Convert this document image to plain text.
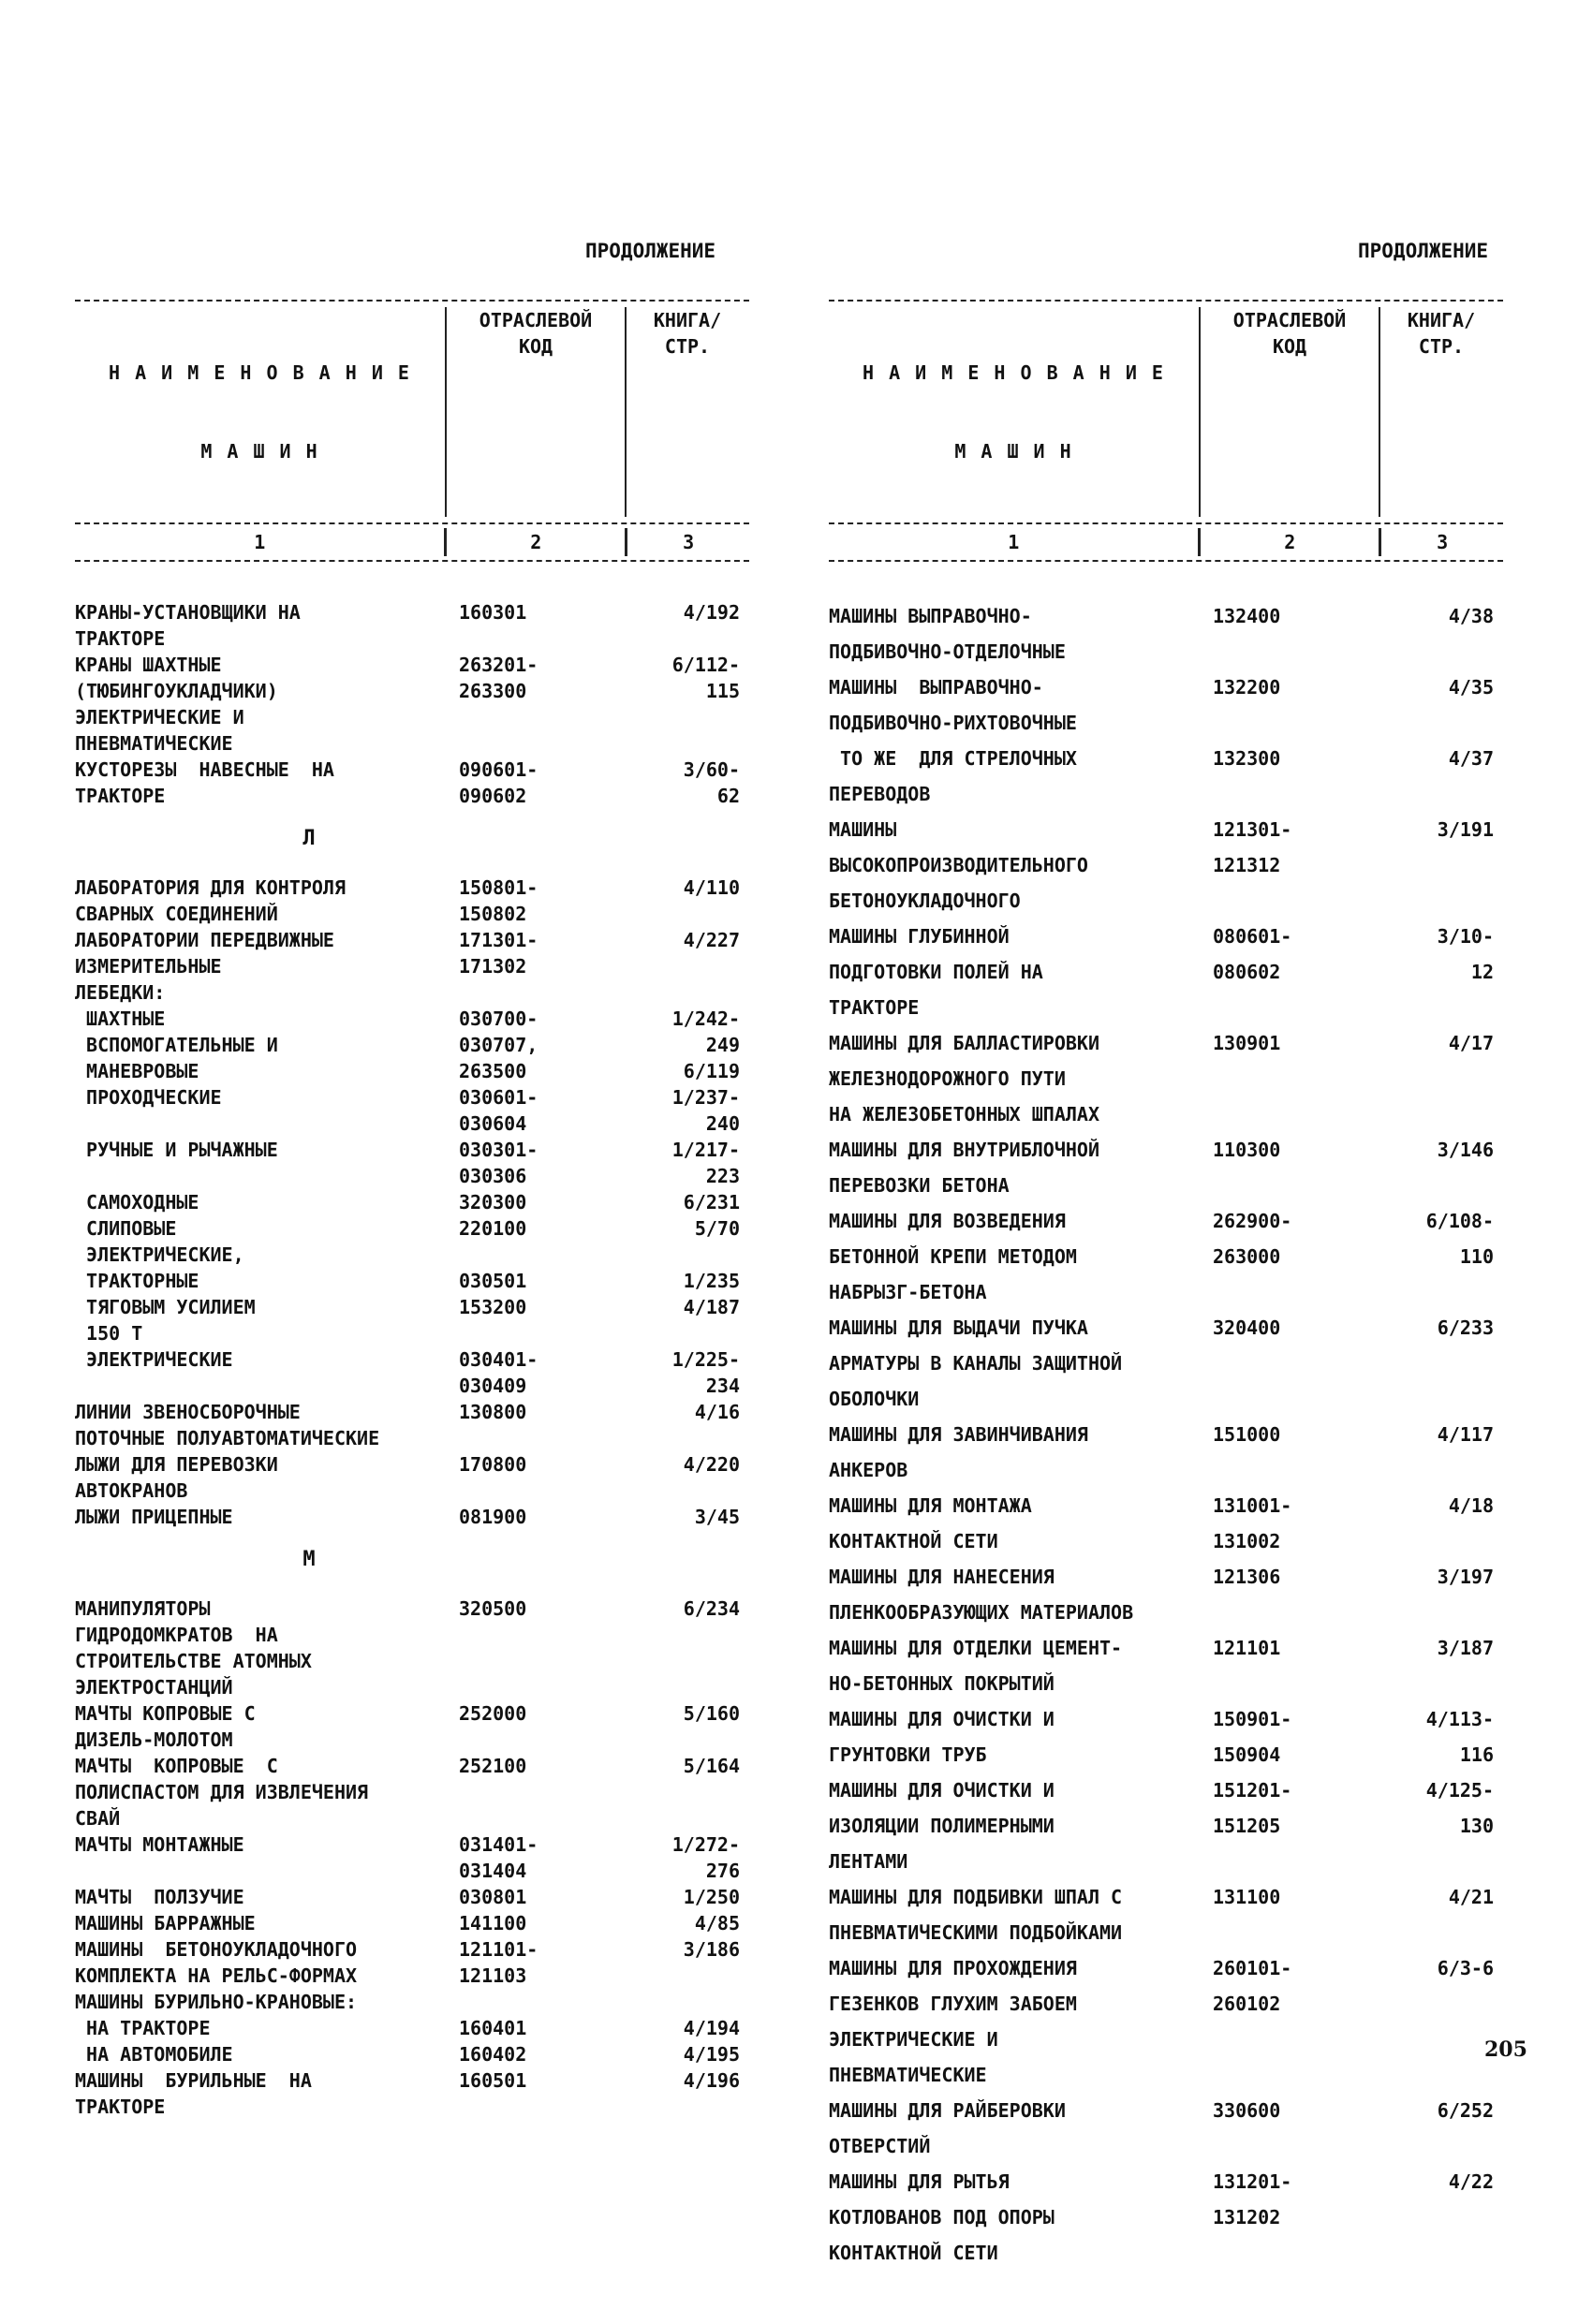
ПРОДОЛЖЕНИЕ

Н А И М Е Н О В А Н И Е

М А Ш И Н

ОТРАСЛЕВОЙ
КОД
КНИГА/
СТР.
1	2	3
КРАНЫ-УСТАНОВЩИКИ НА	160301	4/192
ТРАКТОРЕ
КРАНЫ ШАХТНЫЕ	263201-	6/112-
(ТЮБИНГОУКЛАДЧИКИ)	263300	115
ЭЛЕКТРИЧЕСКИЕ И
ПНЕВМАТИЧЕСКИЕ
КУСТОРЕЗЫ  НАВЕСНЫЕ  НА	090601-	3/60-
ТРАКТОРЕ	090602	62
Л
ЛАБОРАТОРИЯ ДЛЯ КОНТРОЛЯ	150801-	4/110
СВАРНЫХ СОЕДИНЕНИЙ	150802
ЛАБОРАТОРИИ ПЕРЕДВИЖНЫЕ	171301-	4/227
ИЗМЕРИТЕЛЬНЫЕ	171302
ЛЕБЕДКИ:
ШАХТНЫЕ	030700-	1/242-
ВСПОМОГАТЕЛЬНЫЕ И	030707,	249
МАНЕВРОВЫЕ	263500	6/119
ПРОХОДЧЕСКИЕ	030601-	1/237-
030604	240
РУЧНЫЕ И РЫЧАЖНЫЕ	030301-	1/217-
030306	223
САМОХОДНЫЕ	320300	6/231
СЛИПОВЫЕ	220100	5/70
ЭЛЕКТРИЧЕСКИЕ,
ТРАКТОРНЫЕ	030501	1/235
ТЯГОВЫМ УСИЛИЕМ	153200	4/187
150 Т
ЭЛЕКТРИЧЕСКИЕ	030401-	1/225-
030409	234
ЛИНИИ ЗВЕНОСБОРОЧНЫЕ	130800	4/16
ПОТОЧНЫЕ ПОЛУАВТОМАТИЧЕСКИЕ
ЛЫЖИ ДЛЯ ПЕРЕВОЗКИ	170800	4/220
АВТОКРАНОВ
ЛЫЖИ ПРИЦЕПНЫЕ	081900	3/45
М
МАНИПУЛЯТОРЫ	320500	6/234
ГИДРОДОМКРАТОВ  НА
СТРОИТЕЛЬСТВЕ АТОМНЫХ
ЭЛЕКТРОСТАНЦИЙ
МАЧТЫ КОПРОВЫЕ С	252000	5/160
ДИЗЕЛЬ-МОЛОТОМ
МАЧТЫ  КОПРОВЫЕ  С	252100	5/164
ПОЛИСПАСТОМ ДЛЯ ИЗВЛЕЧЕНИЯ
СВАЙ
МАЧТЫ МОНТАЖНЫЕ	031401-	1/272-
031404	276
МАЧТЫ  ПОЛЗУЧИЕ	030801	1/250
МАШИНЫ БАРРАЖНЫЕ	141100	4/85
МАШИНЫ  БЕТОНОУКЛАДОЧНОГО	121101-	3/186
КОМПЛЕКТА НА РЕЛЬС-ФОРМАХ	121103
МАШИНЫ БУРИЛЬНО-КРАНОВЫЕ:
НА ТРАКТОРЕ	160401	4/194
НА АВТОМОБИЛЕ	160402	4/195
МАШИНЫ  БУРИЛЬНЫЕ  НА	160501	4/196
ТРАКТОРЕ
ПРОДОЛЖЕНИЕ

Н А И М Е Н О В А Н И Е

М А Ш И Н

ОТРАСЛЕВОЙ
КОД
КНИГА/
СТР.
1	2	3
МАШИНЫ ВЫПРАВОЧНО-	132400	4/38
ПОДБИВОЧНО-ОТДЕЛОЧНЫЕ
МАШИНЫ  ВЫПРАВОЧНО-	132200	4/35
ПОДБИВОЧНО-РИХТОВОЧНЫЕ
ТО ЖЕ  ДЛЯ СТРЕЛОЧНЫХ	132300	4/37
ПЕРЕВОДОВ
МАШИНЫ	121301-	3/191
ВЫСОКОПРОИЗВОДИТЕЛЬНОГО	121312
БЕТОНОУКЛАДОЧНОГО
МАШИНЫ ГЛУБИННОЙ	080601-	3/10-
ПОДГОТОВКИ ПОЛЕЙ НА	080602	12
ТРАКТОРЕ
МАШИНЫ ДЛЯ БАЛЛАСТИРОВКИ	130901	4/17
ЖЕЛЕЗНОДОРОЖНОГО ПУТИ
НА ЖЕЛЕЗОБЕТОННЫХ ШПАЛАХ
МАШИНЫ ДЛЯ ВНУТРИБЛОЧНОЙ	110300	3/146
ПЕРЕВОЗКИ БЕТОНА
МАШИНЫ ДЛЯ ВОЗВЕДЕНИЯ	262900-	6/108-
БЕТОННОЙ КРЕПИ МЕТОДОМ	263000	110
НАБРЫЗГ-БЕТОНА
МАШИНЫ ДЛЯ ВЫДАЧИ ПУЧКА	320400	6/233
АРМАТУРЫ В КАНАЛЫ ЗАЩИТНОЙ
ОБОЛОЧКИ
МАШИНЫ ДЛЯ ЗАВИНЧИВАНИЯ	151000	4/117
АНКЕРОВ
МАШИНЫ ДЛЯ МОНТАЖА	131001-	4/18
КОНТАКТНОЙ СЕТИ	131002
МАШИНЫ ДЛЯ НАНЕСЕНИЯ	121306	3/197
ПЛЕНКООБРАЗУЮЩИХ МАТЕРИАЛОВ
МАШИНЫ ДЛЯ ОТДЕЛКИ ЦЕМЕНТ-	121101	3/187
НО-БЕТОННЫХ ПОКРЫТИЙ
МАШИНЫ ДЛЯ ОЧИСТКИ И	150901-	4/113-
ГРУНТОВКИ ТРУБ	150904	116
МАШИНЫ ДЛЯ ОЧИСТКИ И	151201-	4/125-
ИЗОЛЯЦИИ ПОЛИМЕРНЫМИ	151205	130
ЛЕНТАМИ
МАШИНЫ ДЛЯ ПОДБИВКИ ШПАЛ С	131100	4/21
ПНЕВМАТИЧЕСКИМИ ПОДБОЙКАМИ
МАШИНЫ ДЛЯ ПРОХОЖДЕНИЯ	260101-	6/3-6
ГЕЗЕНКОВ ГЛУХИМ ЗАБОЕМ	260102
ЭЛЕКТРИЧЕСКИЕ И
ПНЕВМАТИЧЕСКИЕ
МАШИНЫ ДЛЯ РАЙБЕРОВКИ	330600	6/252
ОТВЕРСТИЙ
МАШИНЫ ДЛЯ РЫТЬЯ	131201-	4/22
КОТЛОВАНОВ ПОД ОПОРЫ	131202
КОНТАКТНОЙ СЕТИ
205
